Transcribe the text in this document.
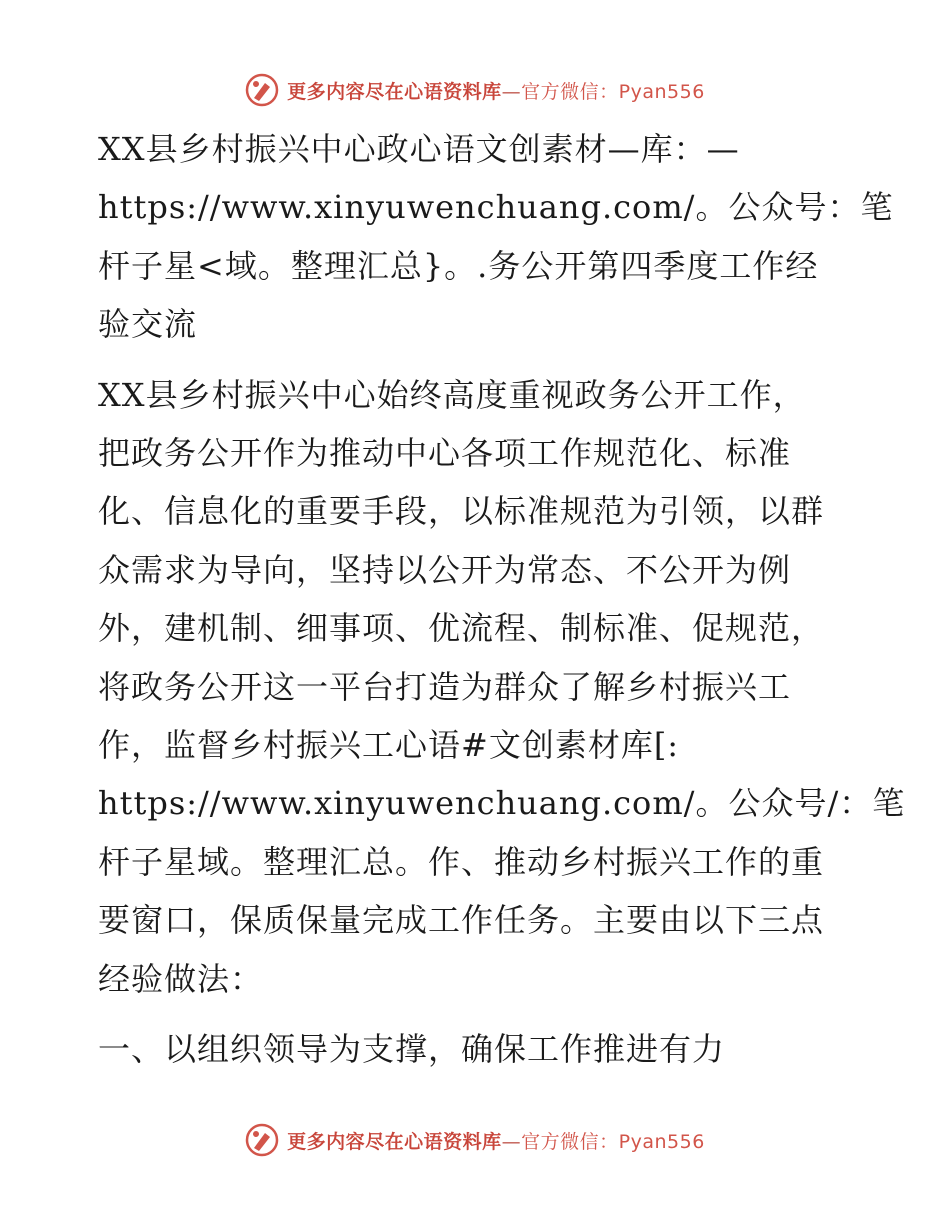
更多内容尽在心语资料库—官方微信：Pyan556

XX县乡村振兴中心政心语文创素材—库：—
https://www.xinyuwenchuang.com/。公众号：笔
杆子星<域。整理汇总}。.务公开第四季度工作经
验交流

XX县乡村振兴中心始终高度重视政务公开工作，
把政务公开作为推动中心各项工作规范化、标准
化、信息化的重要手段，以标准规范为引领，以群
众需求为导向，坚持以公开为常态、不公开为例
外，建机制、细事项、优流程、制标准、促规范，
将政务公开这一平台打造为群众了解乡村振兴工
作，监督乡村振兴工心语#文创素材库[:
https://www.xinyuwenchuang.com/。公众号/：笔
杆子星域。整理汇总。作、推动乡村振兴工作的重
要窗口，保质保量完成工作任务。主要由以下三点
经验做法：

一、以组织领导为支撑，确保工作推进有力

更多内容尽在心语资料库—官方微信：Pyan556
